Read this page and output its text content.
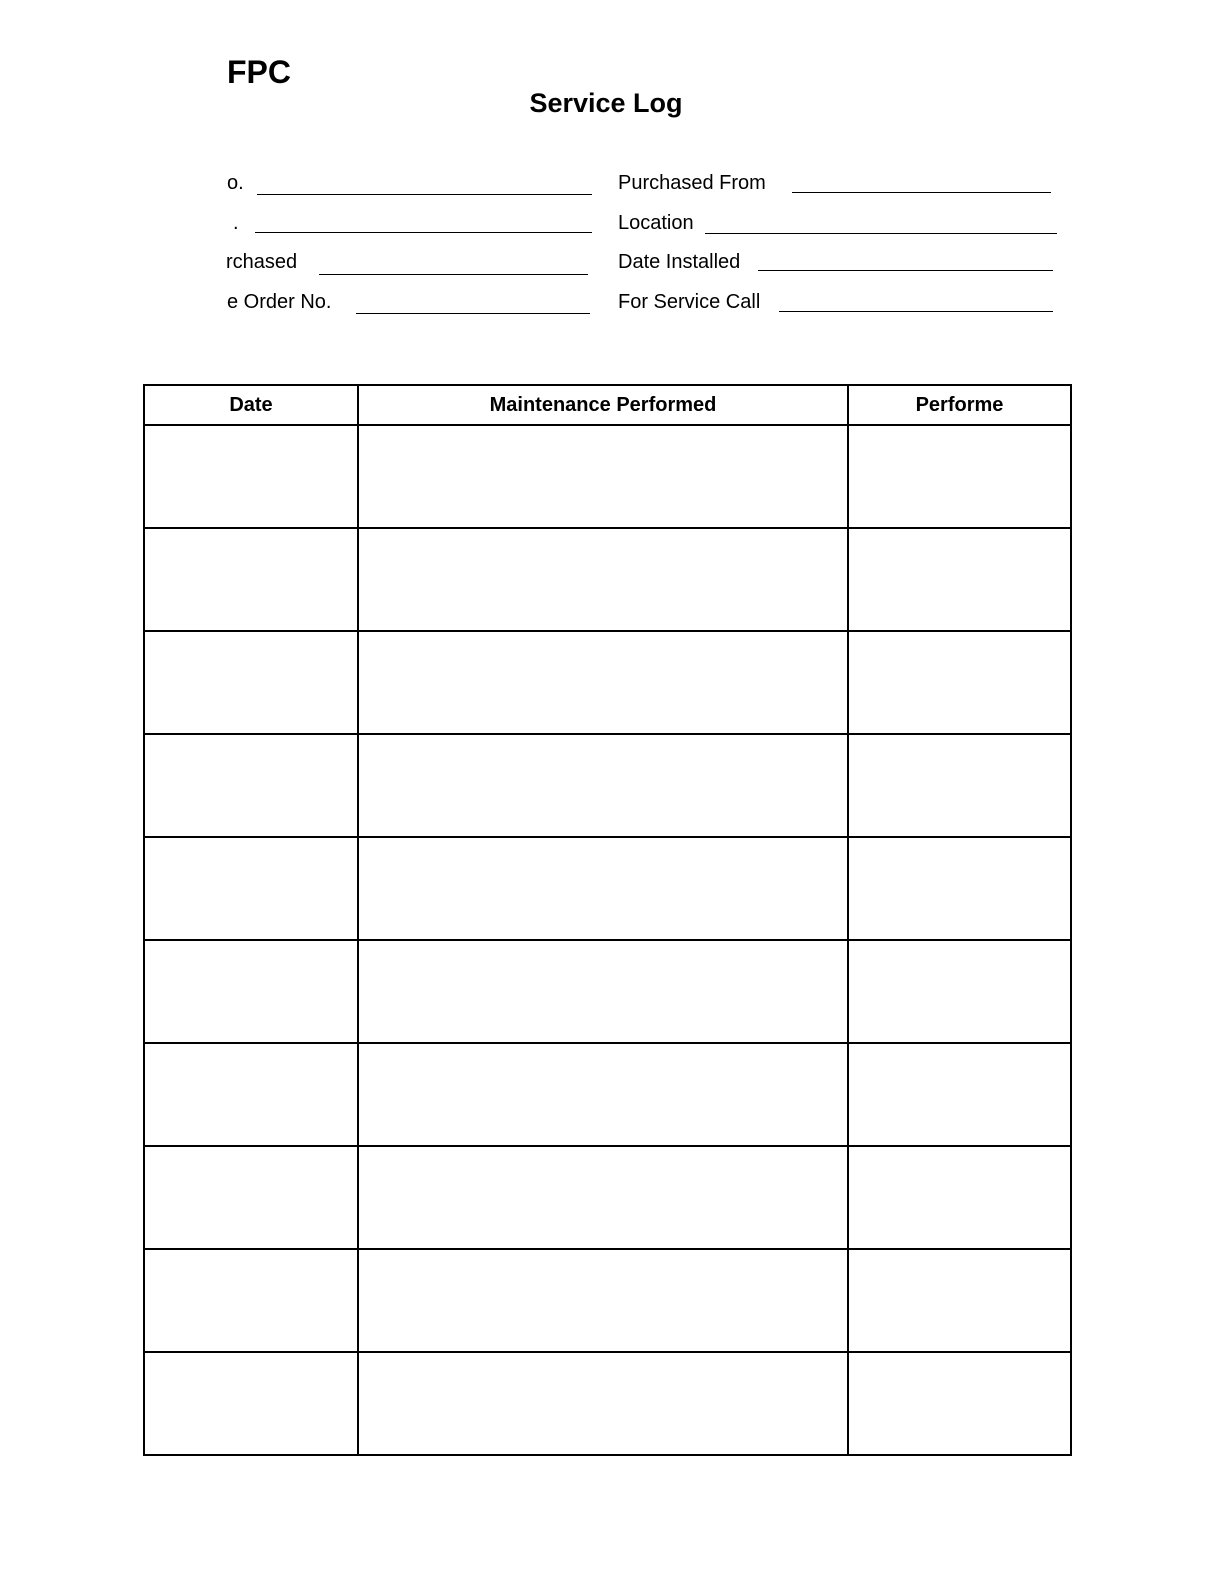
FPC
Service Log
o.
.
rchased
e Order No.
Purchased From
Location
Date Installed
For Service Call
Date	Maintenance Performed	Performe
